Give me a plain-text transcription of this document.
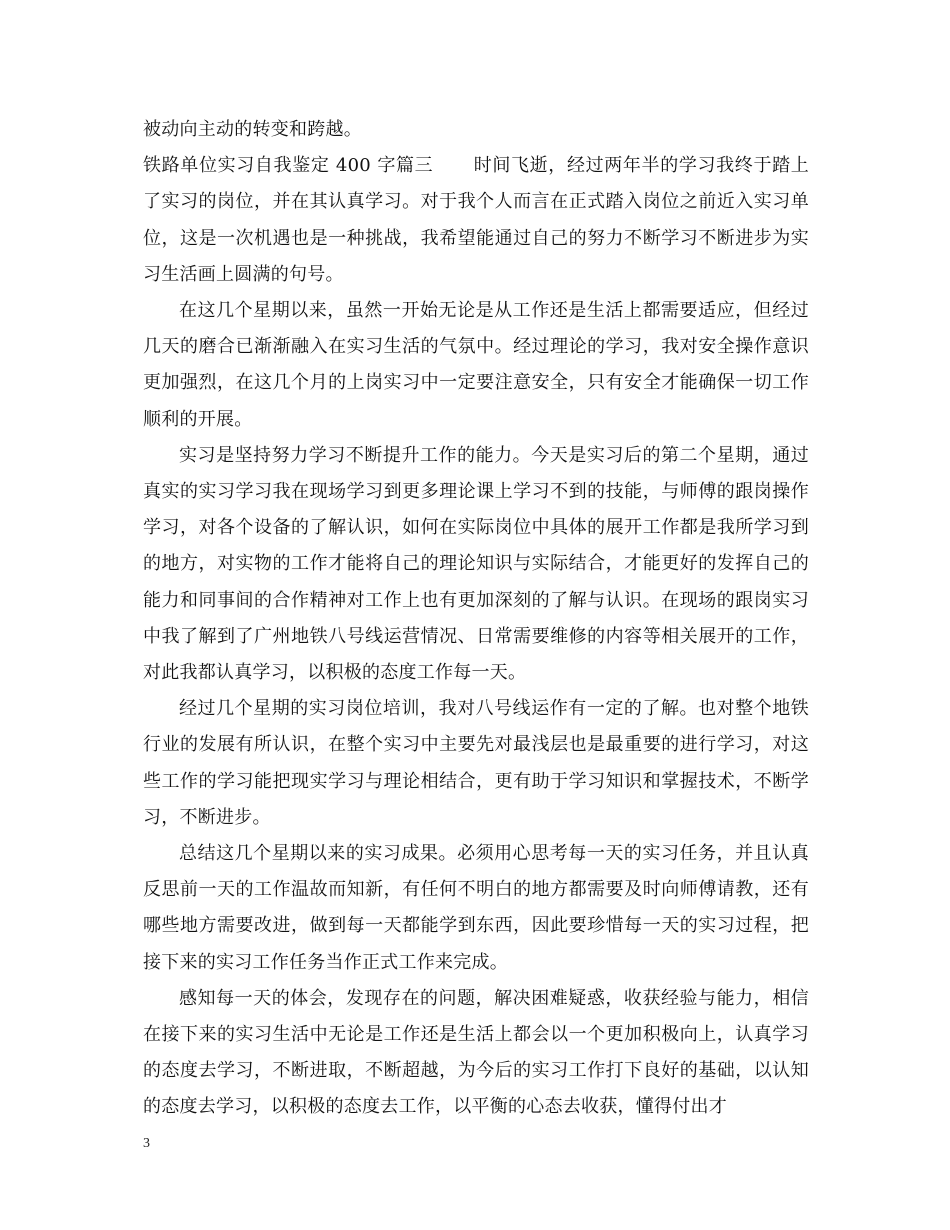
被动向主动的转变和跨越。

铁路单位实习自我鉴定 400 字篇三 时间飞逝，经过两年半的学习我终于踏上了实习的岗位，并在其认真学习。对于我个人而言在正式踏入岗位之前近入实习单位，这是一次机遇也是一种挑战，我希望能通过自己的努力不断学习不断进步为实习生活画上圆满的句号。

在这几个星期以来，虽然一开始无论是从工作还是生活上都需要适应，但经过几天的磨合已渐渐融入在实习生活的气氛中。经过理论的学习，我对安全操作意识更加强烈，在这几个月的上岗实习中一定要注意安全，只有安全才能确保一切工作顺利的开展。

实习是坚持努力学习不断提升工作的能力。今天是实习后的第二个星期，通过真实的实习学习我在现场学习到更多理论课上学习不到的技能，与师傅的跟岗操作学习，对各个设备的了解认识，如何在实际岗位中具体的展开工作都是我所学习到的地方，对实物的工作才能将自己的理论知识与实际结合，才能更好的发挥自己的能力和同事间的合作精神对工作上也有更加深刻的了解与认识。在现场的跟岗实习中我了解到了广州地铁八号线运营情况、日常需要维修的内容等相关展开的工作，对此我都认真学习，以积极的态度工作每一天。

经过几个星期的实习岗位培训，我对八号线运作有一定的了解。也对整个地铁行业的发展有所认识，在整个实习中主要先对最浅层也是最重要的进行学习，对这些工作的学习能把现实学习与理论相结合，更有助于学习知识和掌握技术，不断学习，不断进步。

总结这几个星期以来的实习成果。必须用心思考每一天的实习任务，并且认真反思前一天的工作温故而知新，有任何不明白的地方都需要及时向师傅请教，还有哪些地方需要改进，做到每一天都能学到东西，因此要珍惜每一天的实习过程，把接下来的实习工作任务当作正式工作来完成。

感知每一天的体会，发现存在的问题，解决困难疑惑，收获经验与能力，相信在接下来的实习生活中无论是工作还是生活上都会以一个更加积极向上，认真学习的态度去学习，不断进取，不断超越，为今后的实习工作打下良好的基础，以认知的态度去学习，以积极的态度去工作，以平衡的心态去收获，懂得付出才

3
